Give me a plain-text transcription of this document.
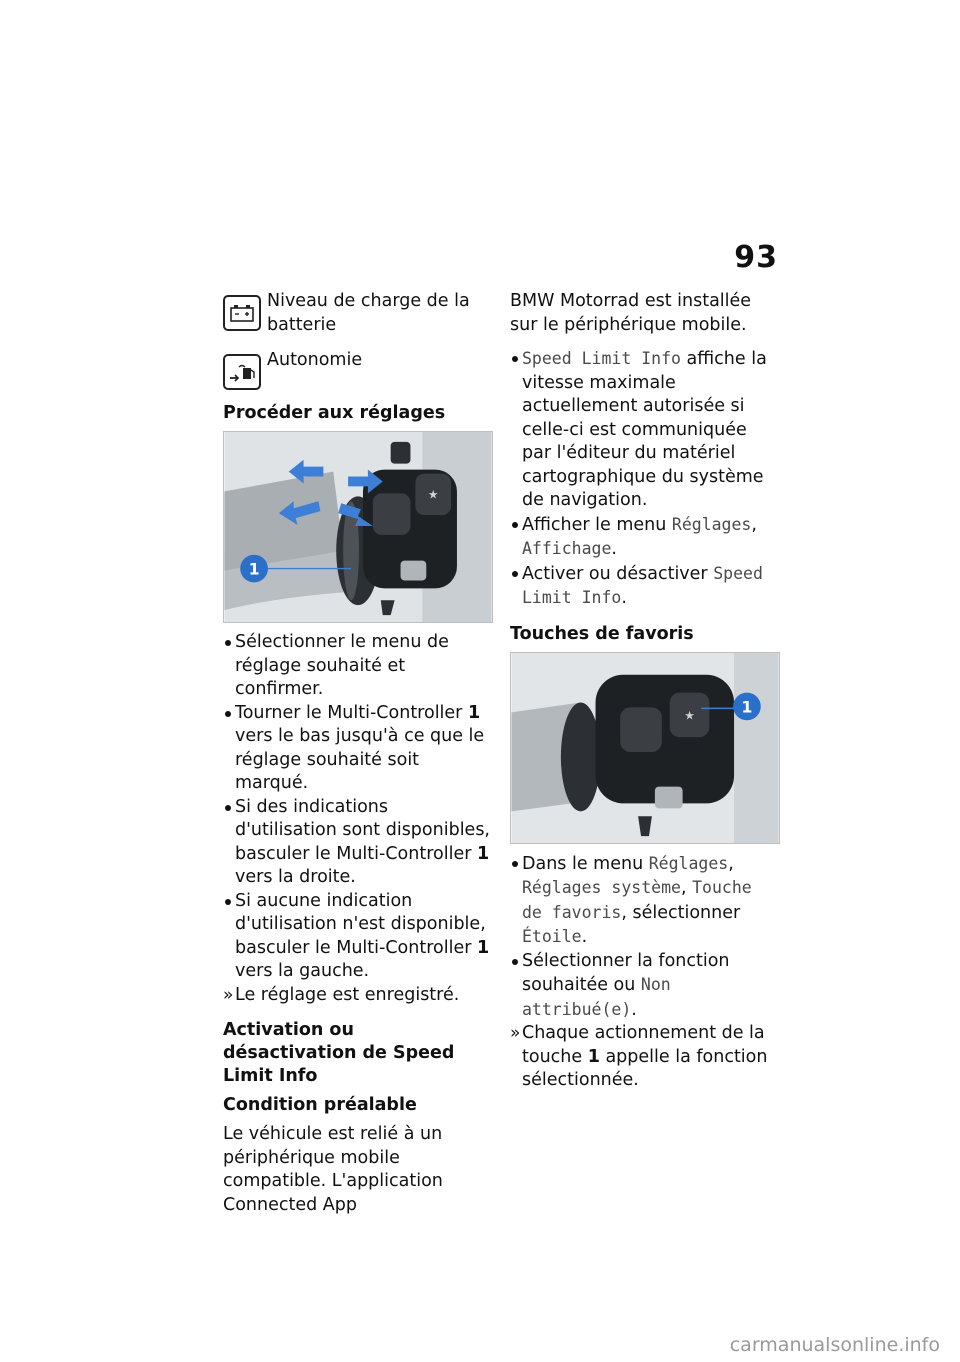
93
Niveau de charge de la batterie
Autonomie
Procéder aux réglages
★
1
Sélectionner le menu de réglage souhaité et confirmer.
Tourner le Multi-Controller 1 vers le bas jusqu'à ce que le réglage souhaité soit marqué.
Si des indications d'utilisation sont disponibles, basculer le Multi-Controller 1 vers la droite.
Si aucune indication d'utilisation n'est disponible, basculer le Multi-Controller 1 vers la gauche.
» Le réglage est enregistré.
Activation ou désactivation de Speed Limit Info
Condition préalable

Le véhicule est relié à un périphérique mobile compatible. L'application Connected App

BMW Motorrad est installée sur le périphérique mobile.

Speed Limit Info affiche la vitesse maximale actuellement autorisée si celle-ci est communiquée par l'éditeur du matériel cartographique du système de navigation.
Afficher le menu Réglages, Affichage.
Activer ou désactiver Speed Limit Info.
Touches de favoris
★	1
Dans le menu Réglages, Réglages système, Touche de favoris, sélectionner Étoile.
Sélectionner la fonction souhaitée ou Non attribué(e).
» Chaque actionnement de la touche 1 appelle la fonction sélectionnée.
carmanualsonline.info
